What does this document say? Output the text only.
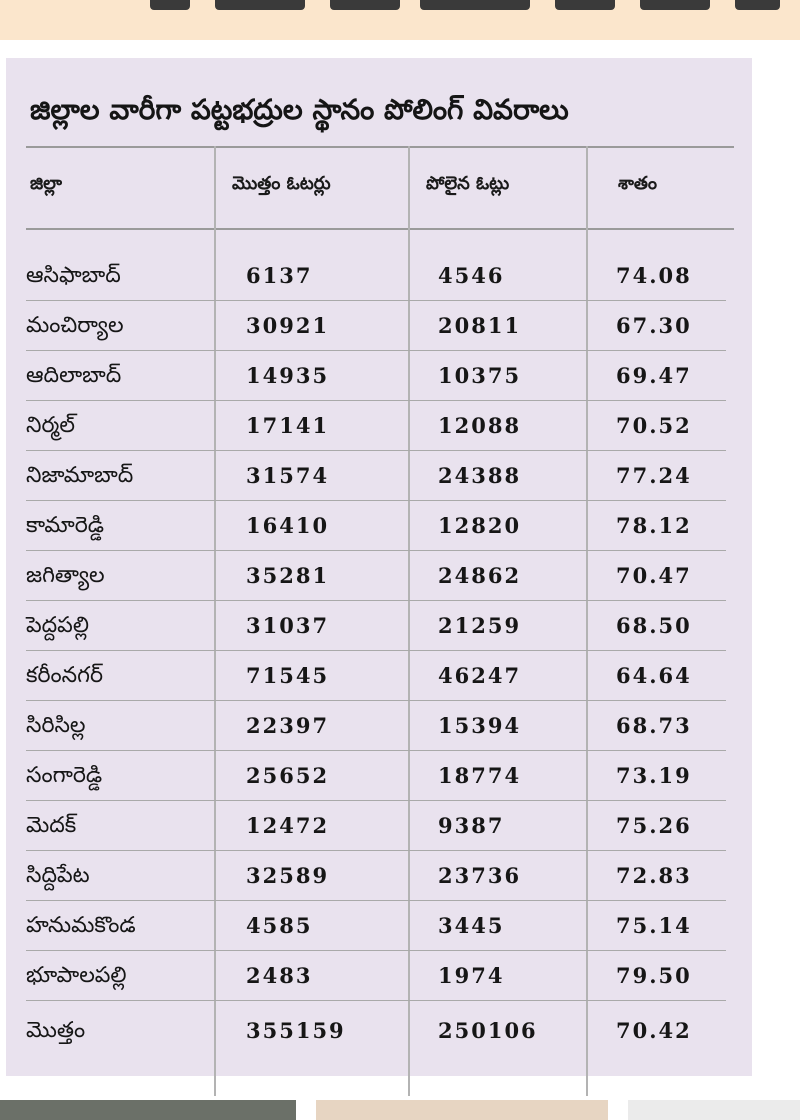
జిల్లాల వారీగా పట్టభద్రుల స్థానం పోలింగ్ వివరాలు
జిల్లా	మొత్తం ఓటర్లు	పోలైన ఓట్లు	శాతం
ఆసిఫాబాద్	6137	4546	74.08
మంచిర్యాల	30921	20811	67.30
ఆదిలాబాద్	14935	10375	69.47
నిర్మల్	17141	12088	70.52
నిజామాబాద్	31574	24388	77.24
కామారెడ్డి	16410	12820	78.12
జగిత్యాల	35281	24862	70.47
పెద్దపల్లి	31037	21259	68.50
కరీంనగర్	71545	46247	64.64
సిరిసిల్ల	22397	15394	68.73
సంగారెడ్డి	25652	18774	73.19
మెదక్	12472	9387	75.26
సిద్దిపేట	32589	23736	72.83
హనుమకొండ	4585	3445	75.14
భూపాలపల్లి	2483	1974	79.50
మొత్తం	355159	250106	70.42
